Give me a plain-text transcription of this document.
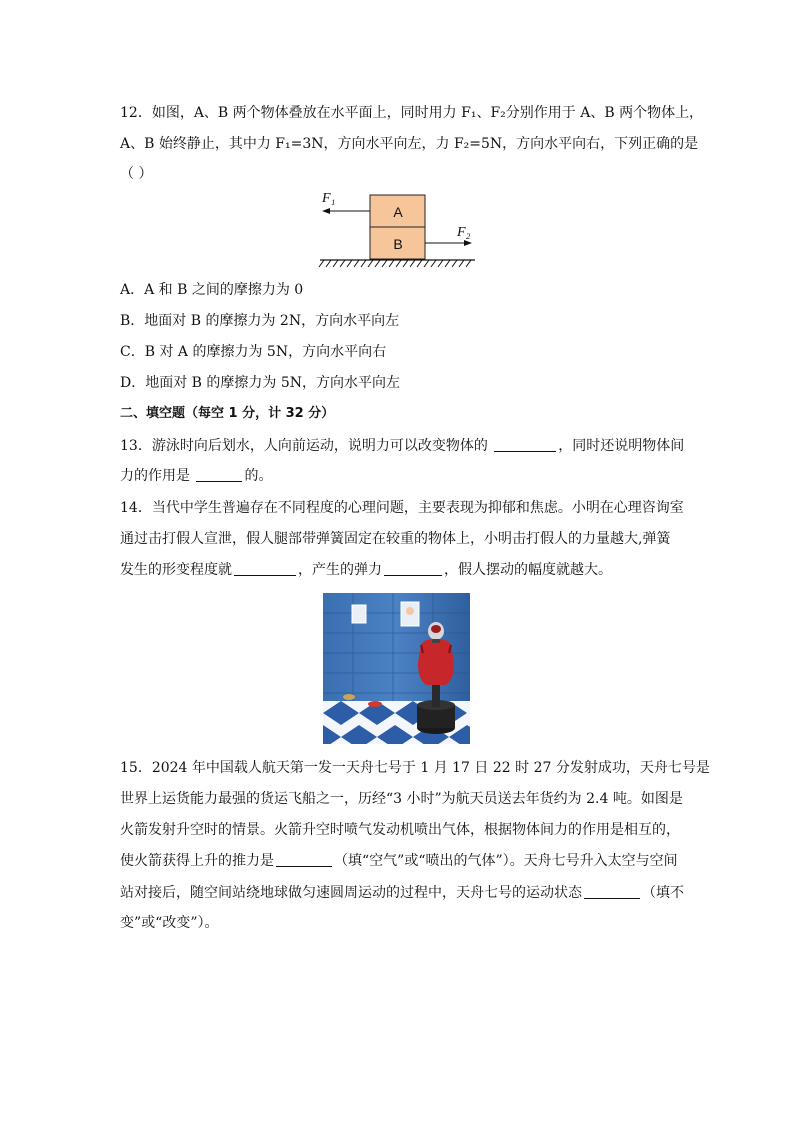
12．如图，A、B 两个物体叠放在水平面上，同时用力 F₁、F₂分别作用于 A、B 两个物体上，
A、B 始终静止，其中力 F₁=3N，方向水平向左，力 F₂=5N，方向水平向右，下列正确的是
（ ）
A
B
F₁
F₂
A．A 和 B 之间的摩擦力为 0
B．地面对 B 的摩擦力为 2N，方向水平向左
C．B 对 A 的摩擦力为 5N，方向水平向右
D．地面对 B 的摩擦力为 5N，方向水平向左
二、填空题（每空 1 分，计 32 分）
13．游泳时向后划水，人向前运动，说明力可以改变物体的	，同时还说明物体间
力的作用是	的。
14．当代中学生普遍存在不同程度的心理问题，主要表现为抑郁和焦虑。小明在心理咨询室
通过击打假人宣泄，假人腿部带弹簧固定在较重的物体上，小明击打假人的力量越大,弹簧
发生的形变程度就	，产生的弹力	，假人摆动的幅度就越大。
15．2024 年中国载人航天第一发一天舟七号于 1 月 17 日 22 时 27 分发射成功，天舟七号是
世界上运货能力最强的货运飞船之一，历经“3 小时”为航天员送去年货约为 2.4 吨。如图是
火箭发射升空时的情景。火箭升空时喷气发动机喷出气体，根据物体间力的作用是相互的，
使火箭获得上升的推力是	（填“空气”或“喷出的气体”）。天舟七号升入太空与空间
站对接后，随空间站绕地球做匀速圆周运动的过程中，天舟七号的运动状态	（填不
变”或“改变”）。
